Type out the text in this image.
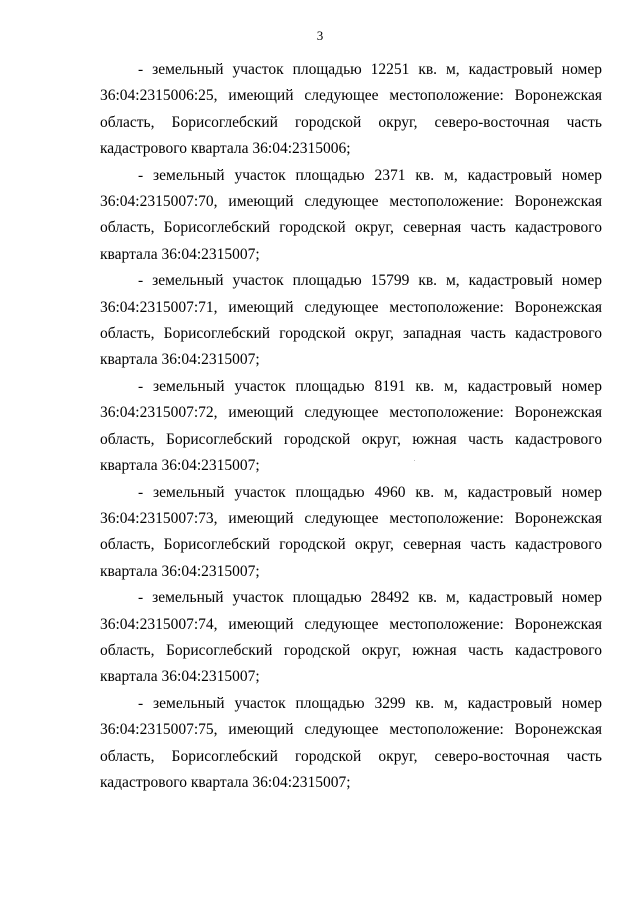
3

- земельный участок площадью 12251 кв. м, кадастровый номер 36:04:2315006:25, имеющий следующее местоположение: Воронежская область, Борисоглебский городской округ, северо-восточная часть кадастрового квартала 36:04:2315006;

- земельный участок площадью 2371 кв. м, кадастровый номер 36:04:2315007:70, имеющий следующее местоположение: Воронежская область, Борисоглебский городской округ, северная часть кадастрового квартала 36:04:2315007;

- земельный участок площадью 15799 кв. м, кадастровый номер 36:04:2315007:71, имеющий следующее местоположение: Воронежская область, Борисоглебский городской округ, западная часть кадастрового квартала 36:04:2315007;

- земельный участок площадью 8191 кв. м, кадастровый номер 36:04:2315007:72, имеющий следующее местоположение: Воронежская область, Борисоглебский городской округ, южная часть кадастрового квартала 36:04:2315007;

- земельный участок площадью 4960 кв. м, кадастровый номер 36:04:2315007:73, имеющий следующее местоположение: Воронежская область, Борисоглебский городской округ, северная часть кадастрового квартала 36:04:2315007;

- земельный участок площадью 28492 кв. м, кадастровый номер 36:04:2315007:74, имеющий следующее местоположение: Воронежская область, Борисоглебский городской округ, южная часть кадастрового квартала 36:04:2315007;

- земельный участок площадью 3299 кв. м, кадастровый номер 36:04:2315007:75, имеющий следующее местоположение: Воронежская область, Борисоглебский городской округ, северо-восточная часть кадастрового квартала 36:04:2315007;
